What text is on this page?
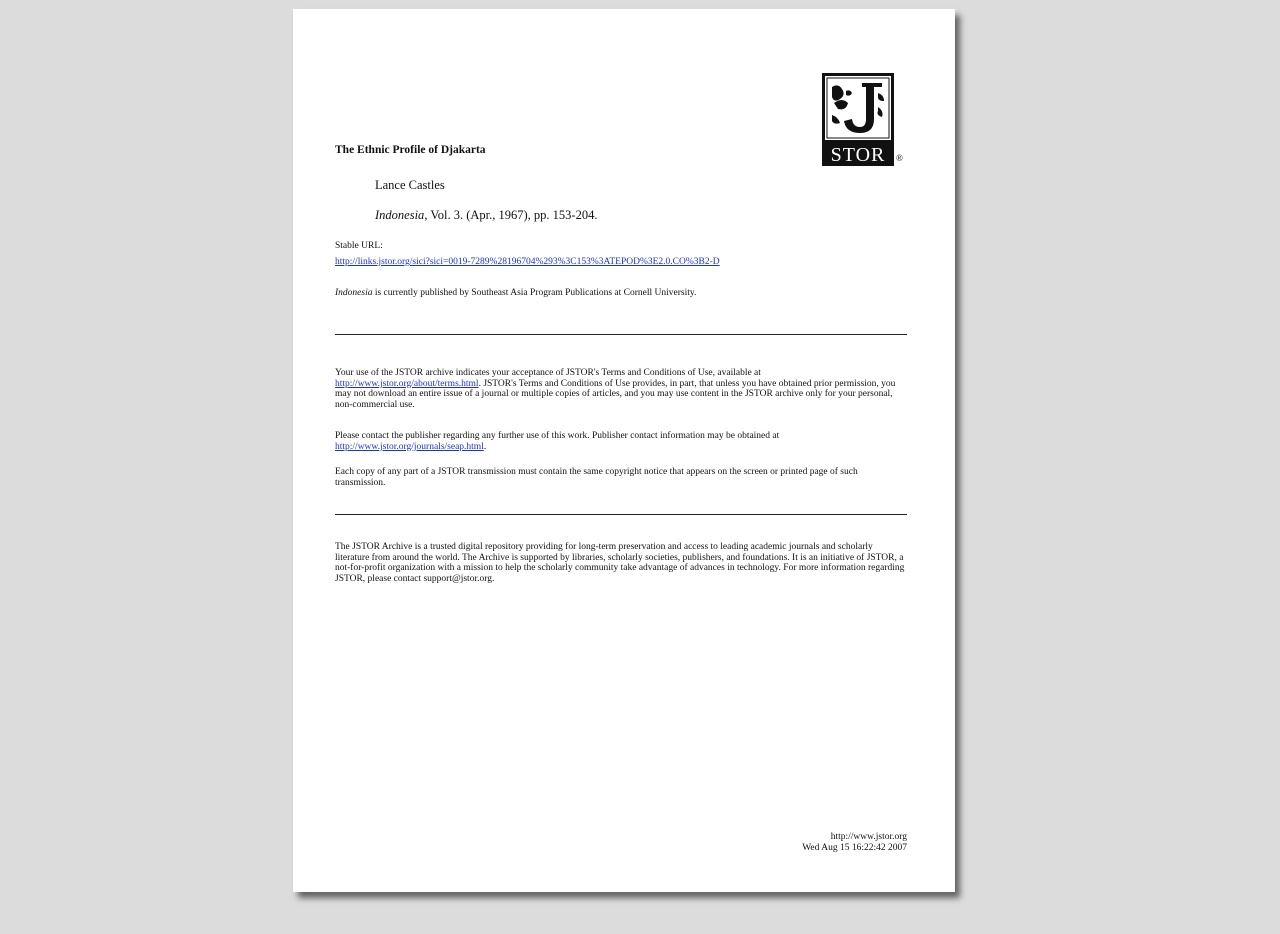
STOR ®
The Ethnic Profile of Djakarta
Lance Castles
Indonesia, Vol. 3. (Apr., 1967), pp. 153-204.
Stable URL:
http://links.jstor.org/sici?sici=0019-7289%28196704%293%3C153%3ATEPOD%3E2.0.CO%3B2-D
Indonesia is currently published by Southeast Asia Program Publications at Cornell University.

Your use of the JSTOR archive indicates your acceptance of JSTOR's Terms and Conditions of Use, available at http://www.jstor.org/about/terms.html. JSTOR's Terms and Conditions of Use provides, in part, that unless you have obtained prior permission, you may not download an entire issue of a journal or multiple copies of articles, and you may use content in the JSTOR archive only for your personal, non-commercial use.

Please contact the publisher regarding any further use of this work. Publisher contact information may be obtained at http://www.jstor.org/journals/seap.html.

Each copy of any part of a JSTOR transmission must contain the same copyright notice that appears on the screen or printed page of such transmission.

The JSTOR Archive is a trusted digital repository providing for long-term preservation and access to leading academic journals and scholarly literature from around the world. The Archive is supported by libraries, scholarly societies, publishers, and foundations. It is an initiative of JSTOR, a not-for-profit organization with a mission to help the scholarly community take advantage of advances in technology. For more information regarding JSTOR, please contact support@jstor.org.

http://www.jstor.org
Wed Aug 15 16:22:42 2007
